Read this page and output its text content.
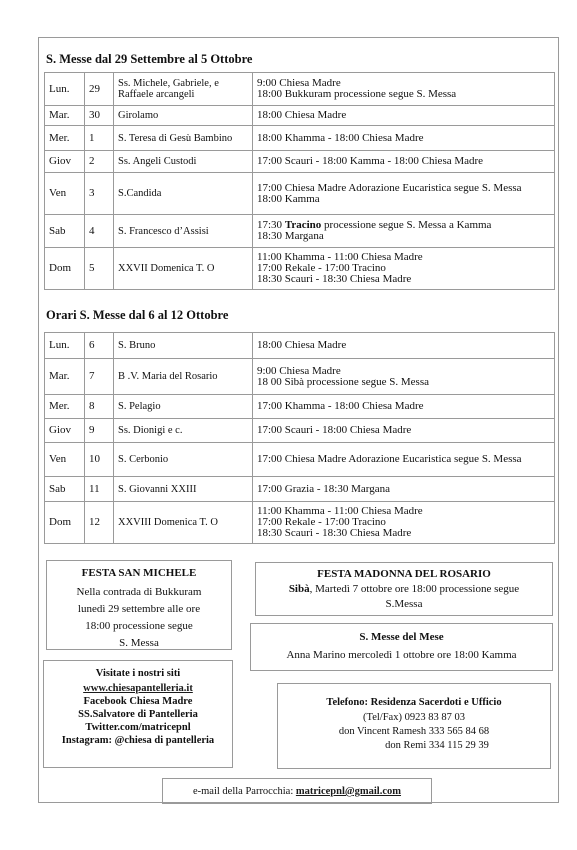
S. Messe dal 29 Settembre al 5 Ottobre
Lun.	29	Ss. Michele, Gabriele, e Raffaele arcangeli	9:00 Chiesa Madre
18:00 Bukkuram processione segue S. Messa

Mar.	30	Girolamo	18:00 Chiesa Madre

Mer.	1	S. Teresa di Gesù Bambino	18:00 Khamma - 18:00 Chiesa Madre

Giov	2	Ss. Angeli Custodi	17:00 Scauri - 18:00 Kamma - 18:00 Chiesa Madre

Ven	3	S.Candida	17:00 Chiesa Madre Adorazione Eucaristica segue S. Messa
18:00 Kamma

Sab	4	S. Francesco d’Assisi	17:30 Tracino processione segue S. Messa a Kamma
18:30 Margana

Dom	5	XXVII Domenica T. O	11:00 Khamma - 11:00 Chiesa Madre
17:00 Rekale - 17:00 Tracino
18:30 Scauri - 18:30 Chiesa Madre
Orari S. Messe dal 6 al 12 Ottobre
Lun.	6	S. Bruno	18:00 Chiesa Madre

Mar.	7	B .V. Maria del Rosario	9:00 Chiesa Madre
18 00 Sibà processione segue S. Messa

Mer.	8	S. Pelagio	17:00 Khamma - 18:00 Chiesa Madre

Giov	9	Ss. Dionigi e c.	17:00 Scauri - 18:00 Chiesa Madre

Ven	10	S. Cerbonio	17:00 Chiesa Madre Adorazione Eucaristica segue S. Messa

Sab	11	S. Giovanni XXIII	17:00 Grazia - 18:30 Margana

Dom	12	XXVIII Domenica T. O	11:00 Khamma - 11:00 Chiesa Madre
17:00 Rekale - 17:00 Tracino
18:30 Scauri - 18:30 Chiesa Madre
FESTA SAN MICHELE
Nella contrada di Bukkuram
lunedì 29 settembre alle ore
18:00 processione segue
S. Messa
FESTA MADONNA DEL ROSARIO
Sibà, Martedì 7 ottobre ore 18:00 processione segue
S.Messa
S. Messe del Mese
Anna Marino mercoledì 1 ottobre ore 18:00 Kamma
Visitate i nostri siti
www.chiesapantelleria.it
Facebook Chiesa Madre
SS.Salvatore di Pantelleria
Twitter.com/matricepnl
Instagram: @chiesa di pantelleria
Telefono: Residenza Sacerdoti e Ufficio
(Tel/Fax) 0923 83 87 03
don Vincent Ramesh 333 565 84 68
don Remi 334 115 29 39
e-mail della Parrocchia: matricepnl@gmail.com
